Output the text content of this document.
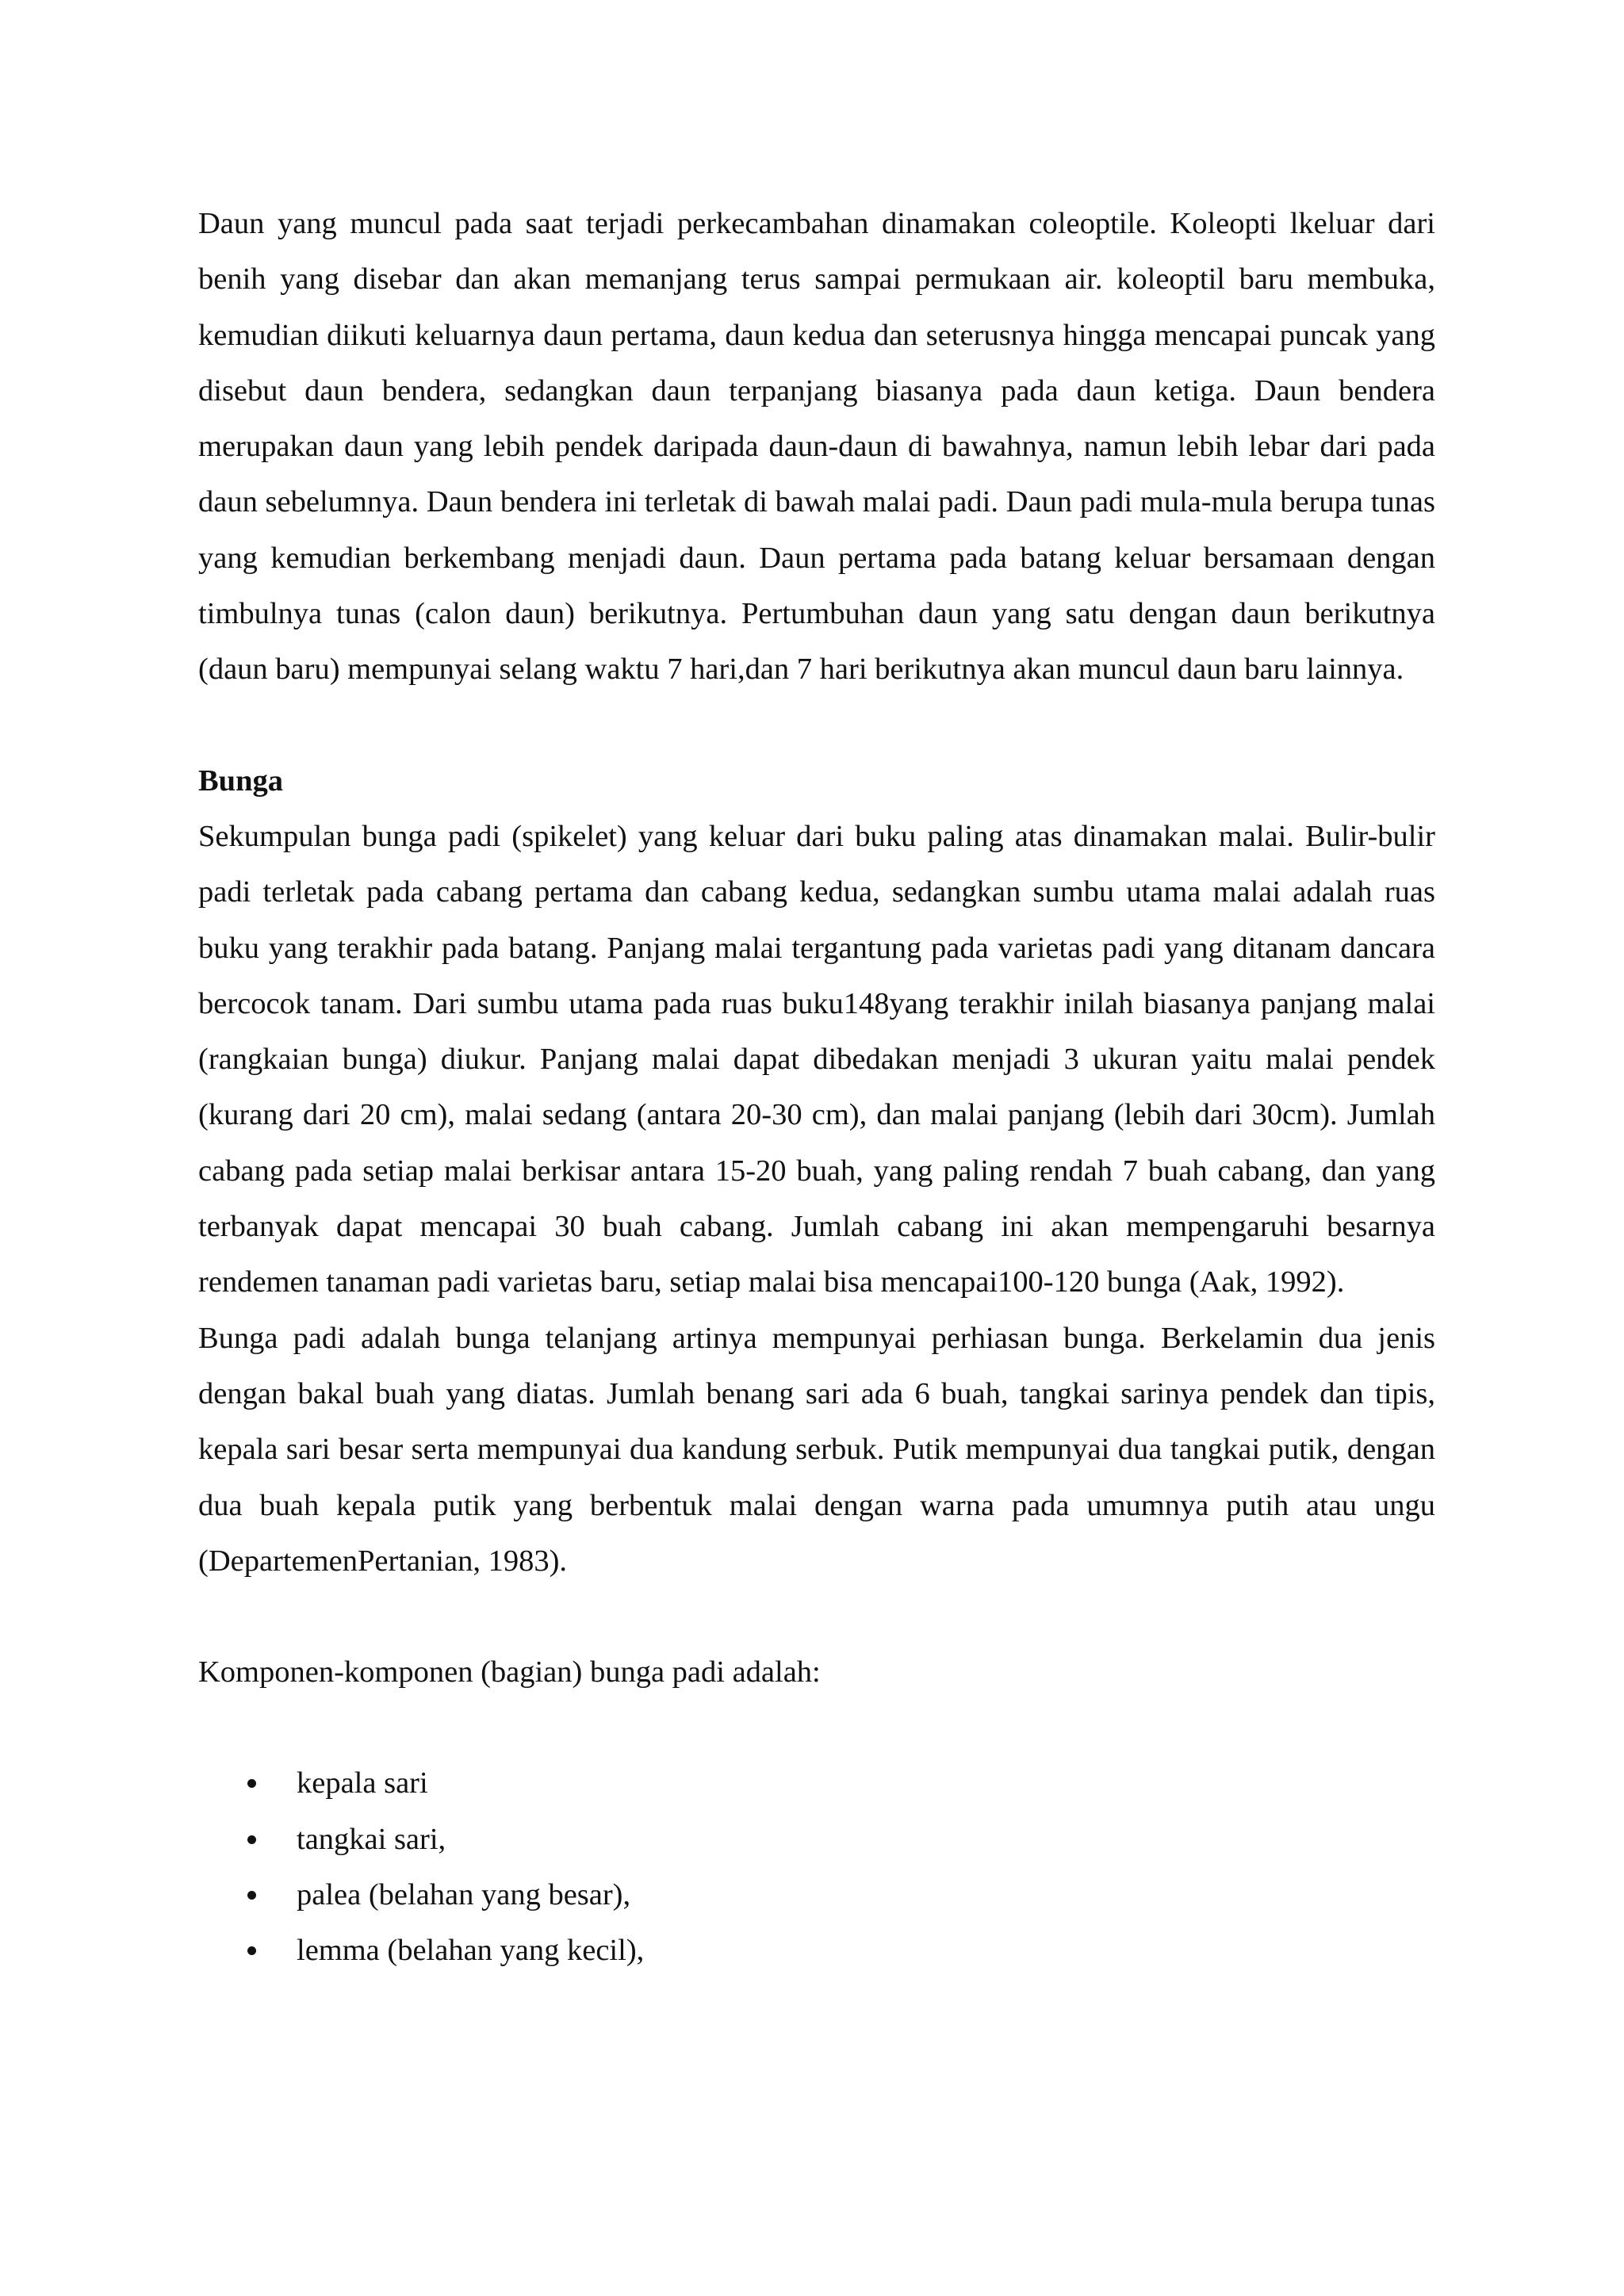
Daun yang muncul pada saat terjadi perkecambahan dinamakan coleoptile. Koleopti lkeluar dari benih yang disebar dan akan memanjang terus sampai permukaan air. koleoptil baru membuka, kemudian diikuti keluarnya daun pertama, daun kedua dan seterusnya hingga mencapai puncak yang disebut daun bendera, sedangkan daun terpanjang biasanya pada daun ketiga. Daun bendera merupakan daun yang lebih pendek daripada daun-daun di bawahnya, namun lebih lebar dari pada daun sebelumnya. Daun bendera ini terletak di bawah malai padi. Daun padi mula-mula berupa tunas yang kemudian berkembang menjadi daun. Daun pertama pada batang keluar bersamaan dengan timbulnya tunas (calon daun) berikutnya. Pertumbuhan daun yang satu dengan daun berikutnya (daun baru) mempunyai selang waktu 7 hari,dan 7 hari berikutnya akan muncul daun baru lainnya.

Bunga

Sekumpulan bunga padi (spikelet) yang keluar dari buku paling atas dinamakan malai. Bulir-bulir padi terletak pada cabang pertama dan cabang kedua, sedangkan sumbu utama malai adalah ruas buku yang terakhir pada batang. Panjang malai tergantung pada varietas padi yang ditanam dancara bercocok tanam. Dari sumbu utama pada ruas buku148yang terakhir inilah biasanya panjang malai (rangkaian bunga) diukur. Panjang malai dapat dibedakan menjadi 3 ukuran yaitu malai pendek (kurang dari 20 cm), malai sedang (antara 20-30 cm), dan malai panjang (lebih dari 30cm). Jumlah cabang pada setiap malai berkisar antara 15-20 buah, yang paling rendah 7 buah cabang, dan yang terbanyak dapat mencapai 30 buah cabang. Jumlah cabang ini akan mempengaruhi besarnya rendemen tanaman padi varietas baru, setiap malai bisa mencapai100-120 bunga (Aak, 1992).

Bunga padi adalah bunga telanjang artinya mempunyai perhiasan bunga. Berkelamin dua jenis dengan bakal buah yang diatas. Jumlah benang sari ada 6 buah, tangkai sarinya pendek dan tipis, kepala sari besar serta mempunyai dua kandung serbuk. Putik mempunyai dua tangkai putik, dengan dua buah kepala putik yang berbentuk malai dengan warna pada umumnya putih atau ungu (DepartemenPertanian, 1983).

Komponen-komponen (bagian) bunga padi adalah:

kepala sari
tangkai sari,
palea (belahan yang besar),
lemma (belahan yang kecil),
